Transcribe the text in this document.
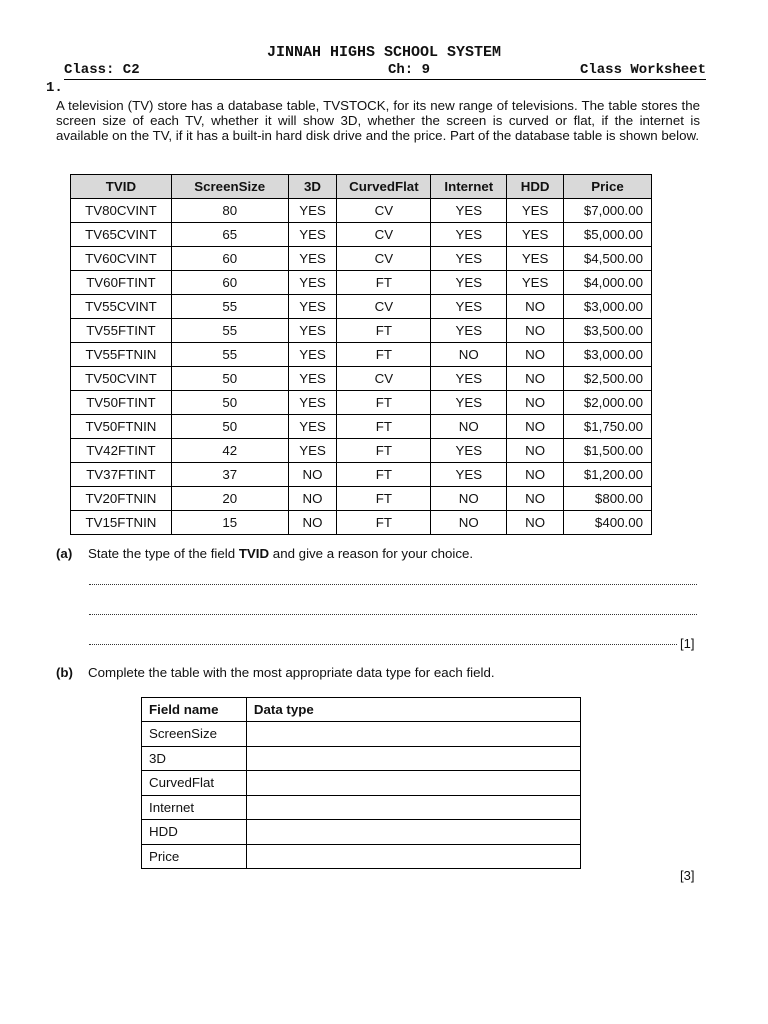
JINNAH HIGHS SCHOOL SYSTEM
Class: C2	Ch: 9	Class Worksheet
1.
A television (TV) store has a database table, TVSTOCK, for its new range of televisions. The table stores the screen size of each TV, whether it will show 3D, whether the screen is curved or flat, if the internet is available on the TV, if it has a built-in hard disk drive and the price. Part of the database table is shown below.
TVID	ScreenSize	3D	CurvedFlat	Internet	HDD	Price
TV80CVINT	80	YES	CV	YES	YES	$7,000.00
TV65CVINT	65	YES	CV	YES	YES	$5,000.00
TV60CVINT	60	YES	CV	YES	YES	$4,500.00
TV60FTINT	60	YES	FT	YES	YES	$4,000.00
TV55CVINT	55	YES	CV	YES	NO	$3,000.00
TV55FTINT	55	YES	FT	YES	NO	$3,500.00
TV55FTNIN	55	YES	FT	NO	NO	$3,000.00
TV50CVINT	50	YES	CV	YES	NO	$2,500.00
TV50FTINT	50	YES	FT	YES	NO	$2,000.00
TV50FTNIN	50	YES	FT	NO	NO	$1,750.00
TV42FTINT	42	YES	FT	YES	NO	$1,500.00
TV37FTINT	37	NO	FT	YES	NO	$1,200.00
TV20FTNIN	20	NO	FT	NO	NO	$800.00
TV15FTNIN	15	NO	FT	NO	NO	$400.00
(a) State the type of the field TVID and give a reason for your choice.
[1]
(b) Complete the table with the most appropriate data type for each field.
Field name	Data type
ScreenSize	
3D	
CurvedFlat	
Internet	
HDD	
Price	
[3]
